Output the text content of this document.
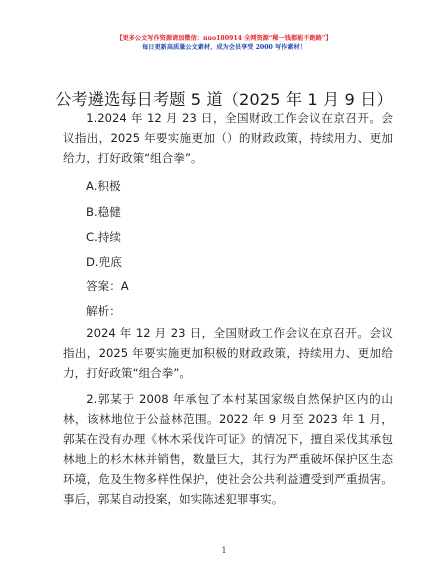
【更多公文写作资源请加微信：nuo180914 全网资源“稀一钱都能不跑路”】
每日更新高质量公文素材，成为会员享受 2000 写作素材！
公考遴选每日考题 5 道（2025 年 1 月 9 日）

1.2024 年 12 月 23 日，全国财政工作会议在京召开。会议指出，2025 年要实施更加（）的财政政策，持续用力、更加给力，打好政策“组合拳”。

A.积极
B.稳健
C.持续
D.兜底
答案：A
解析：

2024 年 12 月 23 日，全国财政工作会议在京召开。会议指出，2025 年要实施更加积极的财政政策，持续用力、更加给力，打好政策“组合拳”。

2.郭某于 2008 年承包了本村某国家级自然保护区内的山林，该林地位于公益林范围。2022 年 9 月至 2023 年 1 月，郭某在没有办理《林木采伐许可证》的情况下，擅自采伐其承包林地上的杉木林并销售，数量巨大，其行为严重破坏保护区生态环境，危及生物多样性保护，使社会公共利益遭受到严重损害。事后，郭某自动投案，如实陈述犯罪事实。

1
